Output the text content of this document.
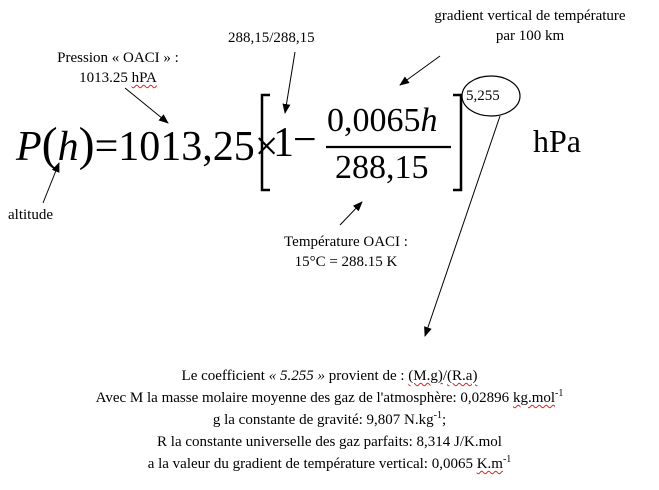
Pression « OACI » :
1013.25 hPA
288,15/288,15
gradient vertical de température
par 100 km
altitude
Température OACI :
15°C = 288.15 K
P(h)=1013,25×
1 − 0,0065h
288,15
5,255
hPa
Le coefficient « 5.255 » provient de : (M.g)/(R.a)
Avec M la masse molaire moyenne des gaz de l'atmosphère: 0,02896 kg.mol$^{-1}$
g la constante de gravité: 9,807 $N.kg^{-1}$;
R la constante universelle des gaz parfaits: 8,314 J/K.mol
a la valeur du gradient de température vertical: 0,0065 $K.m^{-1}$
